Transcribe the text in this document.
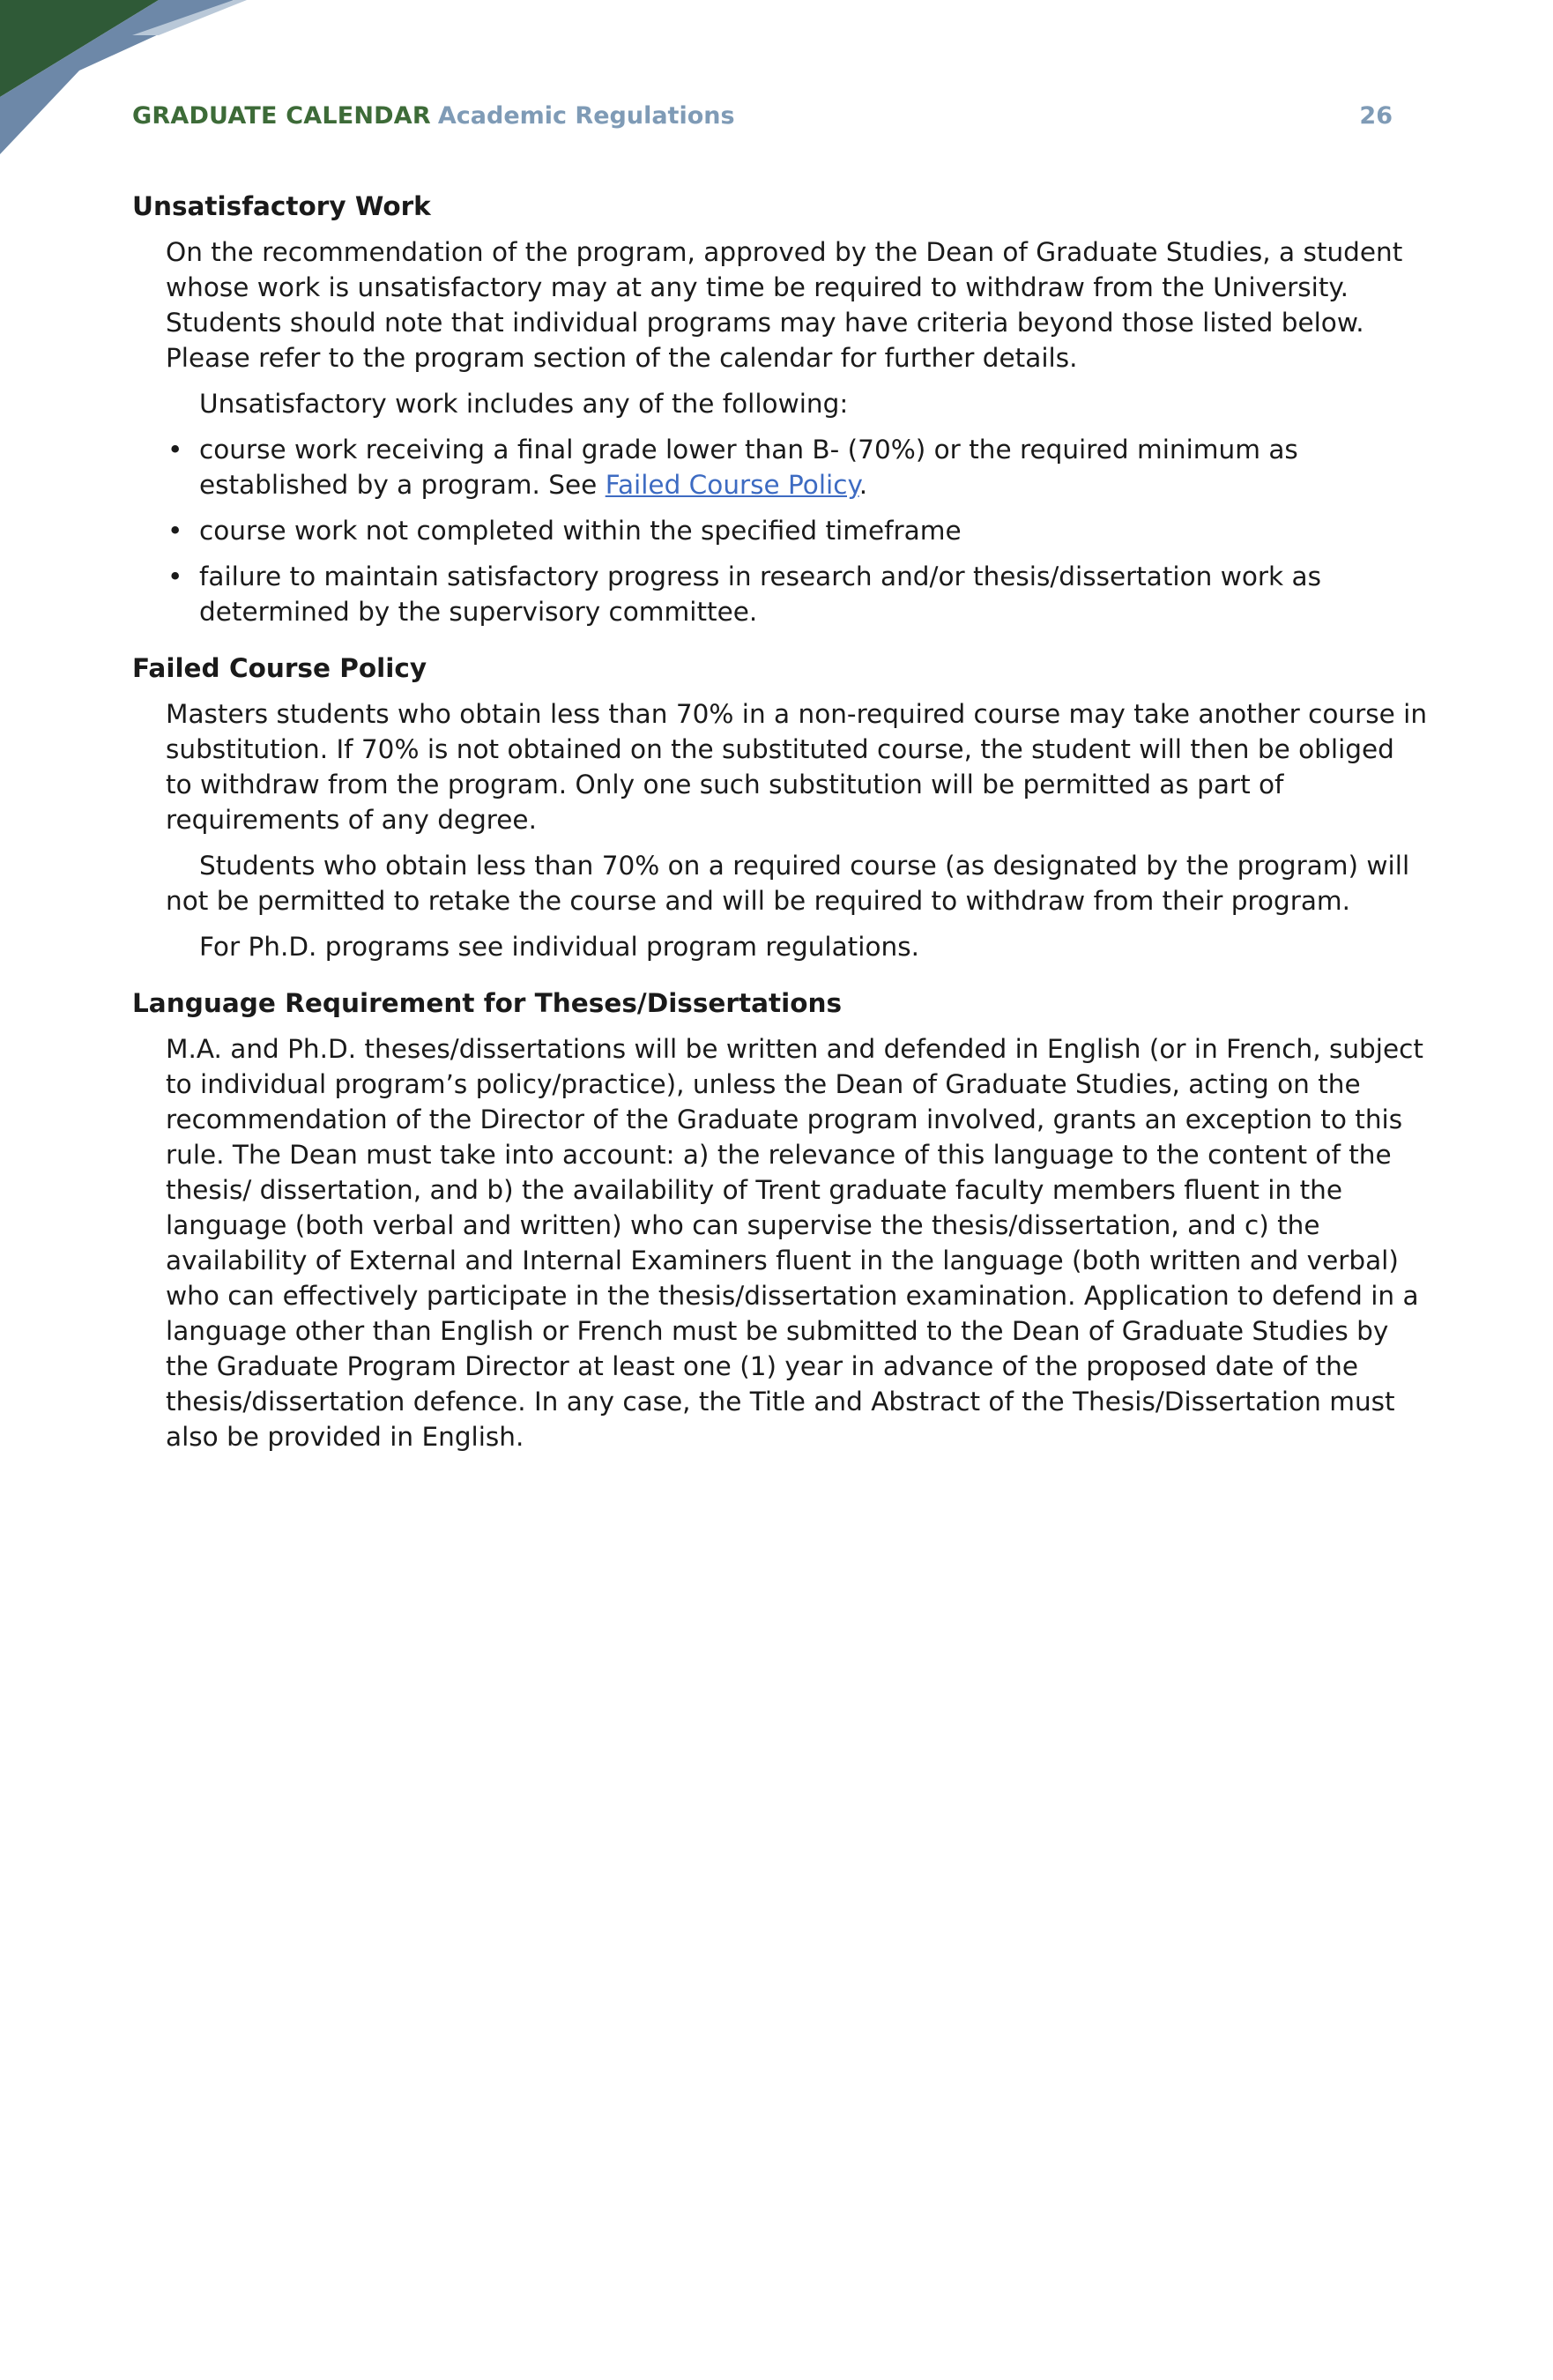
GRADUATE CALENDAR Academic Regulations	26
Unsatisfactory Work

On the recommendation of the program, approved by the Dean of Graduate Studies, a student whose work is unsatisfactory may at any time be required to withdraw from the University. Students should note that individual programs may have criteria beyond those listed below. Please refer to the program section of the calendar for further details.

Unsatisfactory work includes any of the following:

• course work receiving a final grade lower than B- (70%) or the required minimum as established by a program. See Failed Course Policy.
• course work not completed within the specified timeframe
• failure to maintain satisfactory progress in research and/or thesis/dissertation work as determined by the supervisory committee.
Failed Course Policy

Masters students who obtain less than 70% in a non-required course may take another course in substitution. If 70% is not obtained on the substituted course, the student will then be obliged to withdraw from the program. Only one such substitution will be permitted as part of requirements of any degree.

Students who obtain less than 70% on a required course (as designated by the program) will not be permitted to retake the course and will be required to withdraw from their program.

For Ph.D. programs see individual program regulations.

Language Requirement for Theses/Dissertations

M.A. and Ph.D. theses/dissertations will be written and defended in English (or in French, subject to individual program’s policy/practice), unless the Dean of Graduate Studies, acting on the recommendation of the Director of the Graduate program involved, grants an exception to this rule. The Dean must take into account: a) the relevance of this language to the content of the thesis/ dissertation, and b) the availability of Trent graduate faculty members fluent in the language (both verbal and written) who can supervise the thesis/dissertation, and c) the availability of External and Internal Examiners fluent in the language (both written and verbal) who can effectively participate in the thesis/dissertation examination. Application to defend in a language other than English or French must be submitted to the Dean of Graduate Studies by the Graduate Program Director at least one (1) year in advance of the proposed date of the thesis/dissertation defence. In any case, the Title and Abstract of the Thesis/Dissertation must also be provided in English.
